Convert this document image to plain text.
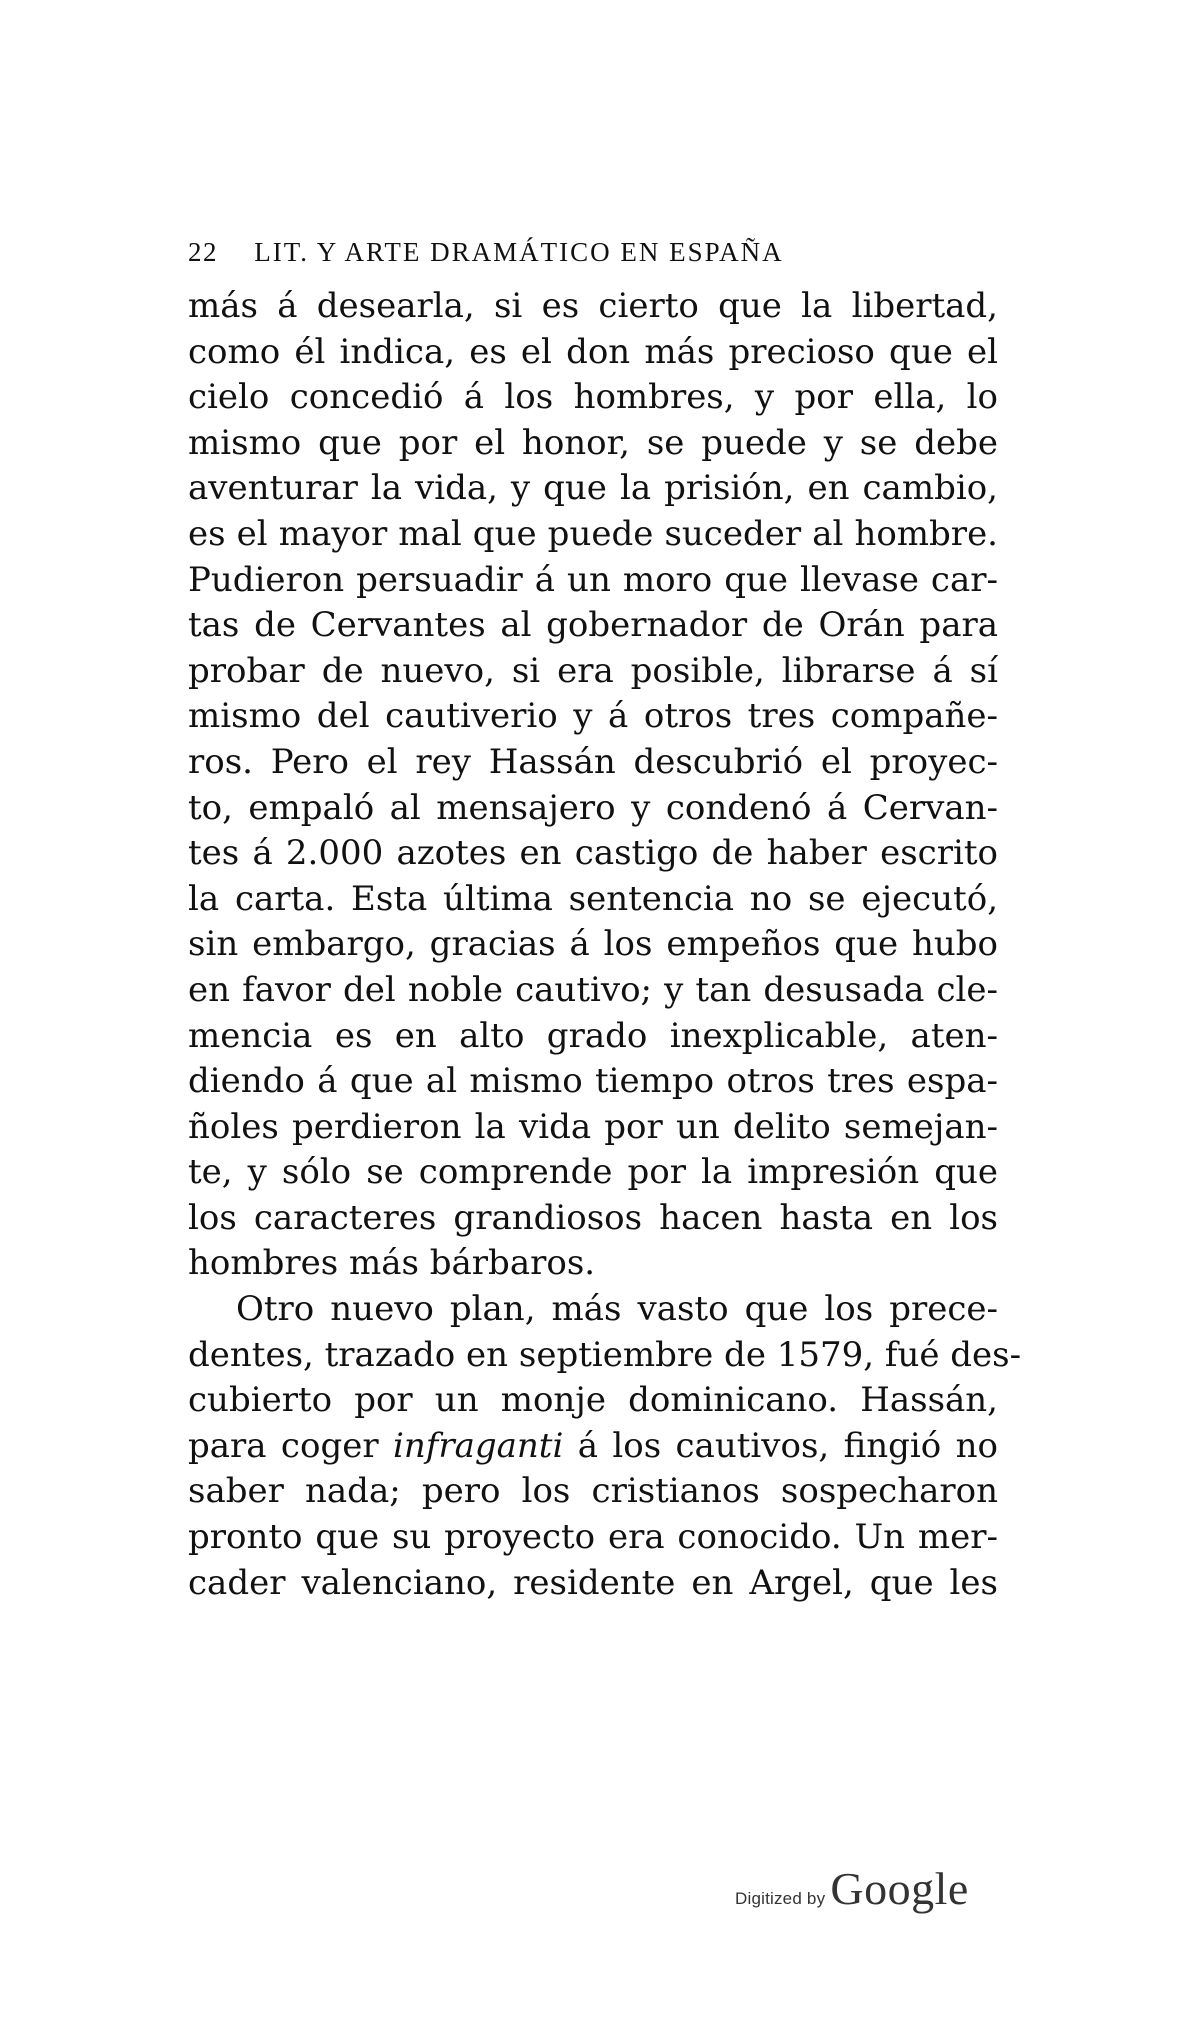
22 LIT. Y ARTE DRAMÁTICO EN ESPAÑA
más á desearla, si es cierto que la libertad,
como él indica, es el don más precioso que el
cielo concedió á los hombres, y por ella, lo
mismo que por el honor, se puede y se debe
aventurar la vida, y que la prisión, en cambio,
es el mayor mal que puede suceder al hombre.
Pudieron persuadir á un moro que llevase car-
tas de Cervantes al gobernador de Orán para
probar de nuevo, si era posible, librarse á sí
mismo del cautiverio y á otros tres compañe-
ros. Pero el rey Hassán descubrió el proyec-
to, empaló al mensajero y condenó á Cervan-
tes á 2.000 azotes en castigo de haber escrito
la carta. Esta última sentencia no se ejecutó,
sin embargo, gracias á los empeños que hubo
en favor del noble cautivo; y tan desusada cle-
mencia es en alto grado inexplicable, aten-
diendo á que al mismo tiempo otros tres espa-
ñoles perdieron la vida por un delito semejan-
te, y sólo se comprende por la impresión que
los caracteres grandiosos hacen hasta en los
hombres más bárbaros.
Otro nuevo plan, más vasto que los prece-
dentes, trazado en septiembre de 1579, fué des-
cubierto por un monje dominicano. Hassán,
para coger infraganti á los cautivos, fingió no
saber nada; pero los cristianos sospecharon
pronto que su proyecto era conocido. Un mer-
cader valenciano, residente en Argel, que les
Digitized by Google
